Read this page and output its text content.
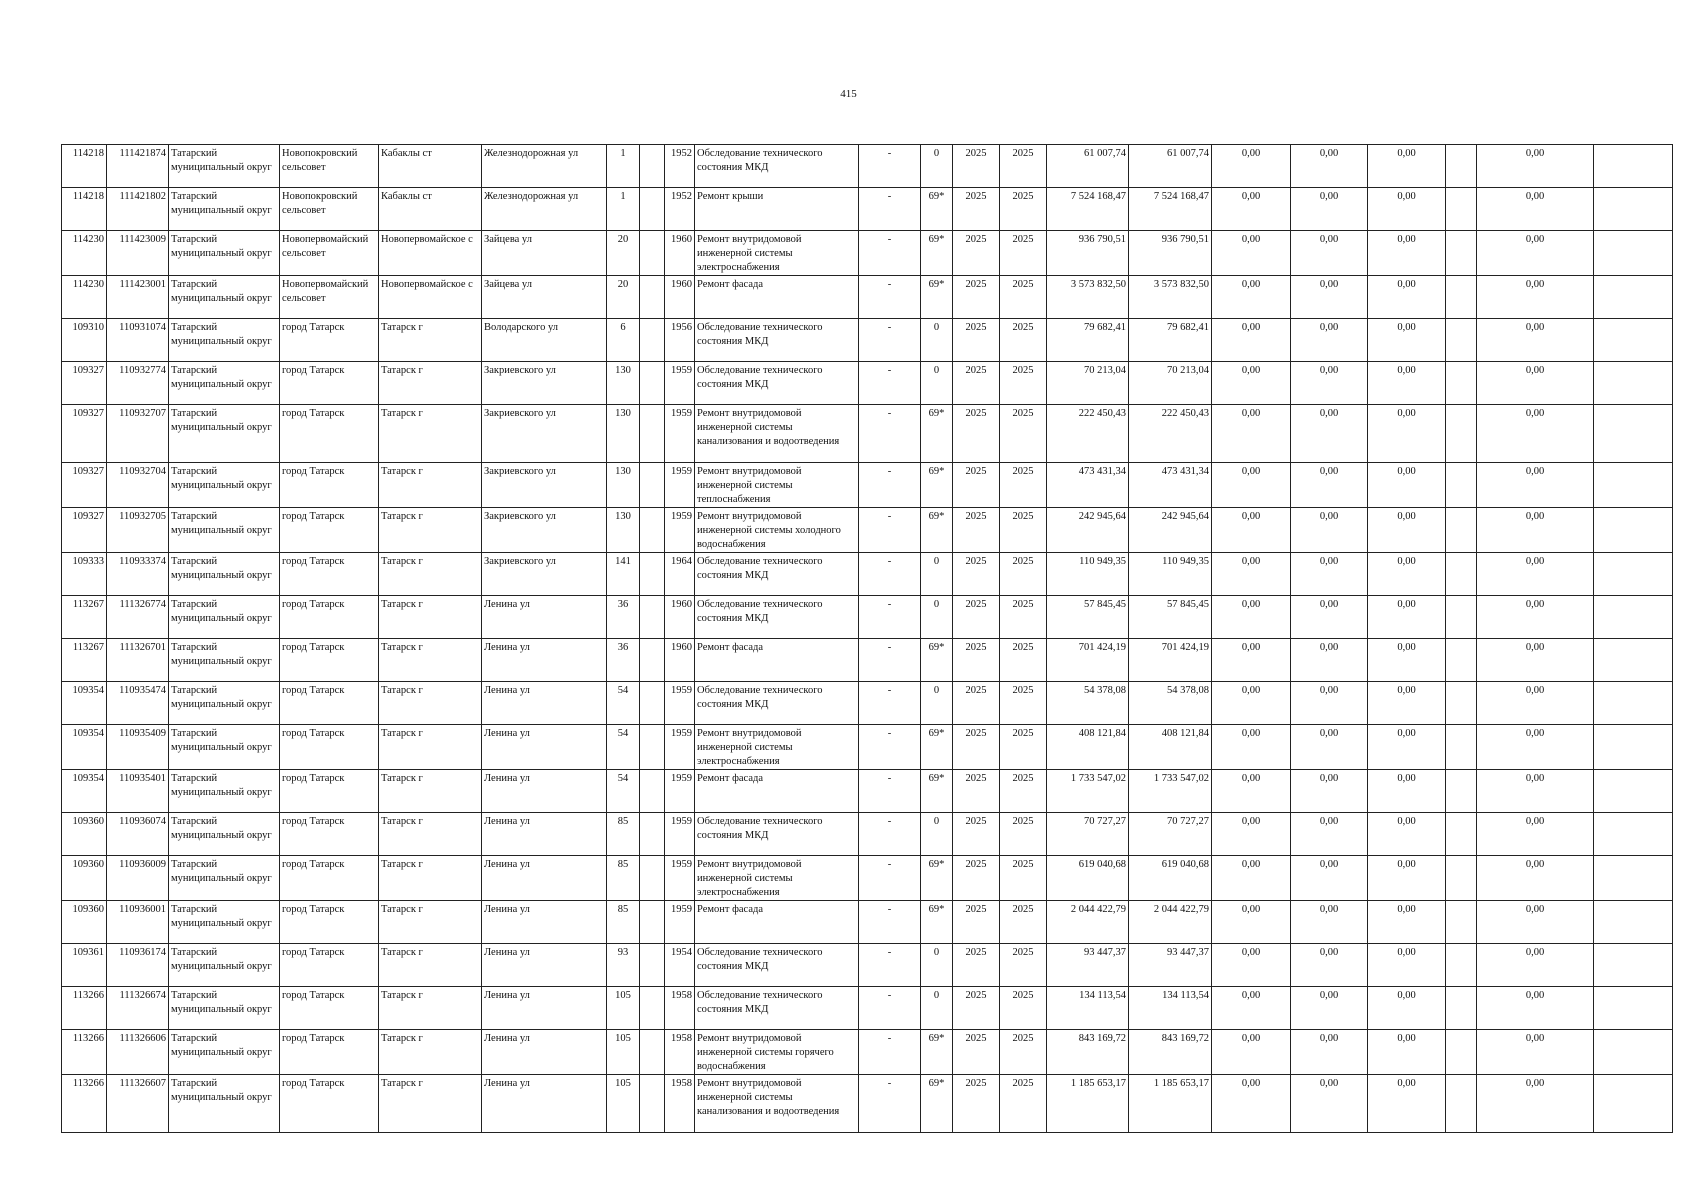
415
114218	111421874	Татарский муниципальный округ	Новопокровский сельсовет	Кабаклы ст	Железнодорожная ул	1		1952	Обследование технического состояния МКД	-	0	2025	2025	61 007,74	61 007,74	0,00	0,00	0,00		0,00	
114218	111421802	Татарский муниципальный округ	Новопокровский сельсовет	Кабаклы ст	Железнодорожная ул	1		1952	Ремонт крыши	-	69*	2025	2025	7 524 168,47	7 524 168,47	0,00	0,00	0,00		0,00	
114230	111423009	Татарский муниципальный округ	Новопервомайский сельсовет	Новопервомайское с	Зайцева ул	20		1960	Ремонт внутридомовой инженерной системы электроснабжения	-	69*	2025	2025	936 790,51	936 790,51	0,00	0,00	0,00		0,00	
114230	111423001	Татарский муниципальный округ	Новопервомайский сельсовет	Новопервомайское с	Зайцева ул	20		1960	Ремонт фасада	-	69*	2025	2025	3 573 832,50	3 573 832,50	0,00	0,00	0,00		0,00	
109310	110931074	Татарский муниципальный округ	город Татарск	Татарск г	Володарского ул	6		1956	Обследование технического состояния МКД	-	0	2025	2025	79 682,41	79 682,41	0,00	0,00	0,00		0,00	
109327	110932774	Татарский муниципальный округ	город Татарск	Татарск г	Закриевского ул	130		1959	Обследование технического состояния МКД	-	0	2025	2025	70 213,04	70 213,04	0,00	0,00	0,00		0,00	
109327	110932707	Татарский муниципальный округ	город Татарск	Татарск г	Закриевского ул	130		1959	Ремонт внутридомовой инженерной системы канализования и водоотведения	-	69*	2025	2025	222 450,43	222 450,43	0,00	0,00	0,00		0,00	
109327	110932704	Татарский муниципальный округ	город Татарск	Татарск г	Закриевского ул	130		1959	Ремонт внутридомовой инженерной системы теплоснабжения	-	69*	2025	2025	473 431,34	473 431,34	0,00	0,00	0,00		0,00	
109327	110932705	Татарский муниципальный округ	город Татарск	Татарск г	Закриевского ул	130		1959	Ремонт внутридомовой инженерной системы холодного водоснабжения	-	69*	2025	2025	242 945,64	242 945,64	0,00	0,00	0,00		0,00	
109333	110933374	Татарский муниципальный округ	город Татарск	Татарск г	Закриевского ул	141		1964	Обследование технического состояния МКД	-	0	2025	2025	110 949,35	110 949,35	0,00	0,00	0,00		0,00	
113267	111326774	Татарский муниципальный округ	город Татарск	Татарск г	Ленина ул	36		1960	Обследование технического состояния МКД	-	0	2025	2025	57 845,45	57 845,45	0,00	0,00	0,00		0,00	
113267	111326701	Татарский муниципальный округ	город Татарск	Татарск г	Ленина ул	36		1960	Ремонт фасада	-	69*	2025	2025	701 424,19	701 424,19	0,00	0,00	0,00		0,00	
109354	110935474	Татарский муниципальный округ	город Татарск	Татарск г	Ленина ул	54		1959	Обследование технического состояния МКД	-	0	2025	2025	54 378,08	54 378,08	0,00	0,00	0,00		0,00	
109354	110935409	Татарский муниципальный округ	город Татарск	Татарск г	Ленина ул	54		1959	Ремонт внутридомовой инженерной системы электроснабжения	-	69*	2025	2025	408 121,84	408 121,84	0,00	0,00	0,00		0,00	
109354	110935401	Татарский муниципальный округ	город Татарск	Татарск г	Ленина ул	54		1959	Ремонт фасада	-	69*	2025	2025	1 733 547,02	1 733 547,02	0,00	0,00	0,00		0,00	
109360	110936074	Татарский муниципальный округ	город Татарск	Татарск г	Ленина ул	85		1959	Обследование технического состояния МКД	-	0	2025	2025	70 727,27	70 727,27	0,00	0,00	0,00		0,00	
109360	110936009	Татарский муниципальный округ	город Татарск	Татарск г	Ленина ул	85		1959	Ремонт внутридомовой инженерной системы электроснабжения	-	69*	2025	2025	619 040,68	619 040,68	0,00	0,00	0,00		0,00	
109360	110936001	Татарский муниципальный округ	город Татарск	Татарск г	Ленина ул	85		1959	Ремонт фасада	-	69*	2025	2025	2 044 422,79	2 044 422,79	0,00	0,00	0,00		0,00	
109361	110936174	Татарский муниципальный округ	город Татарск	Татарск г	Ленина ул	93		1954	Обследование технического состояния МКД	-	0	2025	2025	93 447,37	93 447,37	0,00	0,00	0,00		0,00	
113266	111326674	Татарский муниципальный округ	город Татарск	Татарск г	Ленина ул	105		1958	Обследование технического состояния МКД	-	0	2025	2025	134 113,54	134 113,54	0,00	0,00	0,00		0,00	
113266	111326606	Татарский муниципальный округ	город Татарск	Татарск г	Ленина ул	105		1958	Ремонт внутридомовой инженерной системы горячего водоснабжения	-	69*	2025	2025	843 169,72	843 169,72	0,00	0,00	0,00		0,00	
113266	111326607	Татарский муниципальный округ	город Татарск	Татарск г	Ленина ул	105		1958	Ремонт внутридомовой инженерной системы канализования и водоотведения	-	69*	2025	2025	1 185 653,17	1 185 653,17	0,00	0,00	0,00		0,00	
